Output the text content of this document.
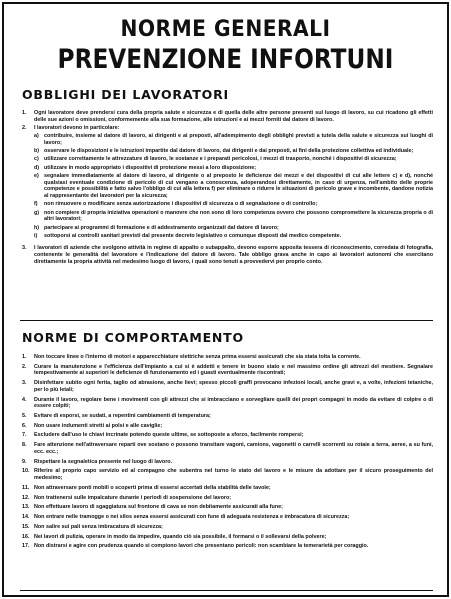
NORME GENERALI
PREVENZIONE INFORTUNI
OBBLIGHI DEI LAVORATORI
1. Ogni lavoratore deve prendersi cura della propria salute e sicurezza e di quella delle altre persone presenti sul luogo di lavoro, su cui ricadono gli effetti delle sue azioni o omissioni, conformemente alla sua formazione, alle istruzioni e ai mezzi forniti dal datore di lavoro.
2. I lavoratori devono in particolare:
a) contribuire, insieme al datore di lavoro, ai dirigenti e ai preposti, all'adempimento degli obblighi previsti a tutela della salute e sicurezza sui luoghi di lavoro;
b) osservare le disposizioni e le istruzioni impartite dal datore di lavoro, dai dirigenti e dai preposti, ai fini della protezione collettiva ed individuale;
c) utilizzare correttamente le attrezzature di lavoro, le sostanze e i preparati pericolosi, i mezzi di trasporto, nonché i dispositivi di sicurezza;
d) utilizzare in modo appropriato i dispositivi di protezione messi a loro disposizione;
e) segnalare immediatamente al datore di lavoro, al dirigente o al preposto le deficienze dei mezzi e dei dispositivi di cui alle lettere c) e d), nonché qualsiasi eventuale condizione di pericolo di cui vengano a conoscenza, adoperandosi direttamente, in caso di urgenza, nell'ambito delle proprie competenze e possibilità e fatto salvo l'obbligo di cui alla lettera f) per eliminare o ridurre le situazioni di pericolo grave e incombente, dandone notizia al rappresentante dei lavoratori per la sicurezza;
f) non rimuovere o modificare senza autorizzazione i dispositivi di sicurezza o di segnalazione o di controllo;
g) non compiere di propria iniziativa operazioni o manovre che non sono di loro competenza ovvero che possono compromettere la sicurezza propria o di altri lavoratori;
h) partecipare ai programmi di formazione e di addestramento organizzati dal datore di lavoro;
i) sottoporsi ai controlli sanitari previsti dal presente decreto legislativo o comunque disposti dal medico competente.
3. I lavoratori di aziende che svolgono attività in regime di appalto o subappalto, devono esporre apposita tessera di riconoscimento, corredata di fotografia, contenente le generalità del lavoratore e l'indicazione del datore di lavoro. Tale obbligo grava anche in capo ai lavoratori autonomi che esercitano direttamente la propria attività nel medesimo luogo di lavoro, i quali sono tenuti a provvedervi per proprio conto.
NORME DI COMPORTAMENTO
1. Non toccare linee o l'interno di motori e apparecchiature elettriche senza prima essersi assicurati che sia stata tolta la corrente.
2. Curare la manutenzione e l'efficienza dell'impianto a cui si è addetti e tenere in buono stato e nel massimo ordine gli attrezzi del mestiere. Segnalare tempestivamente ai superiori le deficienze di funzionamento ed i guasti eventualmente riscontrati;
3. Disinfettare subito ogni ferita, taglio od abrasione, anche lievi; spesso piccoli graffi provocano infezioni locali, anche gravi e, a volte, infezioni tetaniche, per lo più letali;
4. Durante il lavoro, regolare bene i movimenti con gli attrezzi che si imbracciano e sorvegliare quelli dei propri compagni in modo da evitare di colpire o di essere colpiti;
5. Evitare di esporsi, se sudati, a repentini cambiamenti di temperatura;
6. Non usare indumenti stretti ai polsi e alle caviglie;
7. Escludere dall'uso le chiavi incrinate potendo queste ultime, se sottoposte a sforzo, facilmente rompersi;
8. Fare attenzione nell'attraversare reparti ove sostano o possono transitare vagoni, camions, vagonetti o carrelli scorrenti su rotaie a terra, aeree, a su funi, ecc. ecc.;
9. Rispettare la segnaletica presente nel luogo di lavoro.
10. Riferire al proprio capo servizio ed al compagno che subentra nel turno lo stato del lavoro e le misure da adottare per il sicuro proseguimento del medesimo;
11. Non attraversare ponti mobili o scoperti prima di essersi accertati della stabilità delle tavole;
12. Non trattenersi sulle impalcature durante i periodi di sospensione del lavoro;
13. Non effettuare lavoro di sgaggiatura sul frontone di cava se non debitamente assicurati alla fune;
14. Non entrare nelle tramogge o nei silos senza essersi assicurati con fune di adeguata resistenza e imbracatura di sicurezza;
15. Non salire sui pali senza imbracatura di sicurezza;
16. Nei lavori di pulizia, operare in modo da impedire, quando ciò sia possibile, il formarsi o il sollevarsi della polvere;
17. Non distrarsi e agire con prudenza quando si compiono lavori che presentano pericoli: non scambiare la temerarietà per coraggio.
